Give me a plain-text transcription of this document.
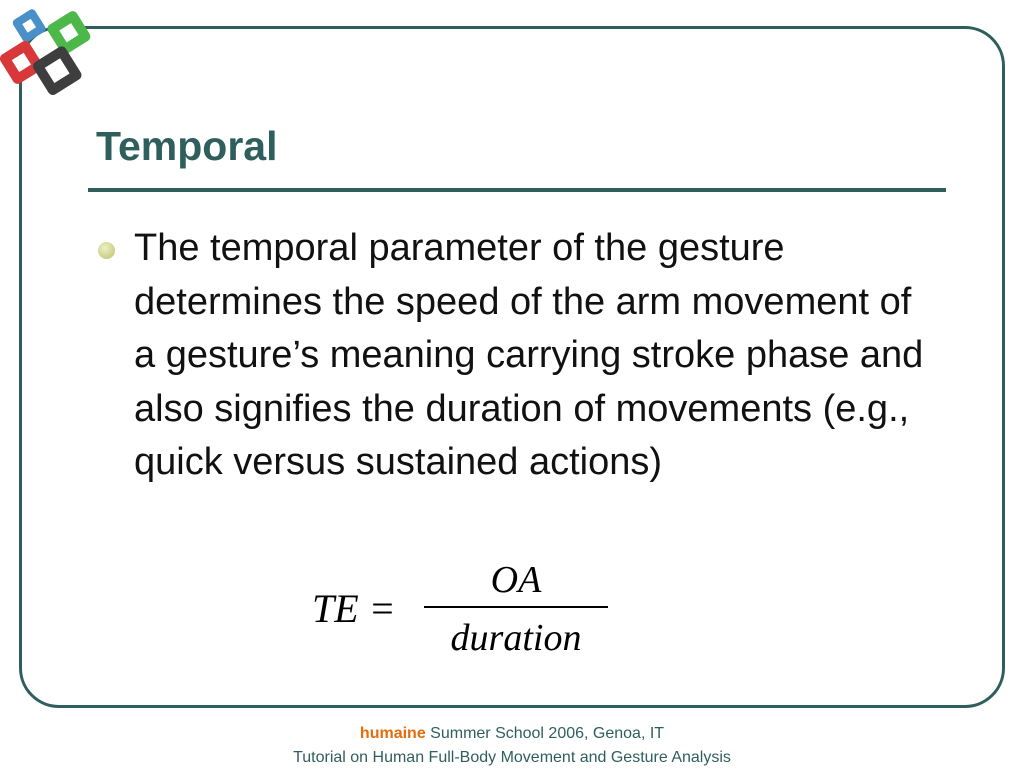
Temporal

The temporal parameter of the gesture determines the speed of the arm movement of a gesture’s meaning carrying stroke phase and also signifies the duration of movements (e.g., quick versus sustained actions)

TE =
OA
duration
humaine Summer School 2006, Genoa, IT
Tutorial on Human Full-Body Movement and Gesture Analysis
